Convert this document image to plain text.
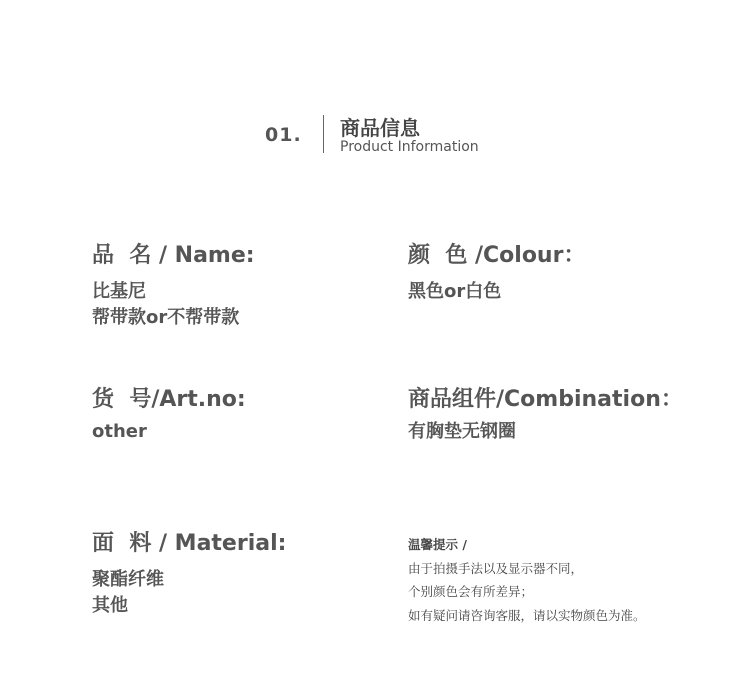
01. 商品信息
Product Information
品  名 / Name:
比基尼
帮带款or不帮带款
颜  色 /Colour：
黑色or白色
货  号/Art.no:
other
商品组件/Combination：
有胸垫无钢圈
面  料 / Material:
聚酯纤维
其他
温馨提示 /
由于拍摄手法以及显示器不同，
个别颜色会有所差异；
如有疑问请咨询客服，请以实物颜色为准。
